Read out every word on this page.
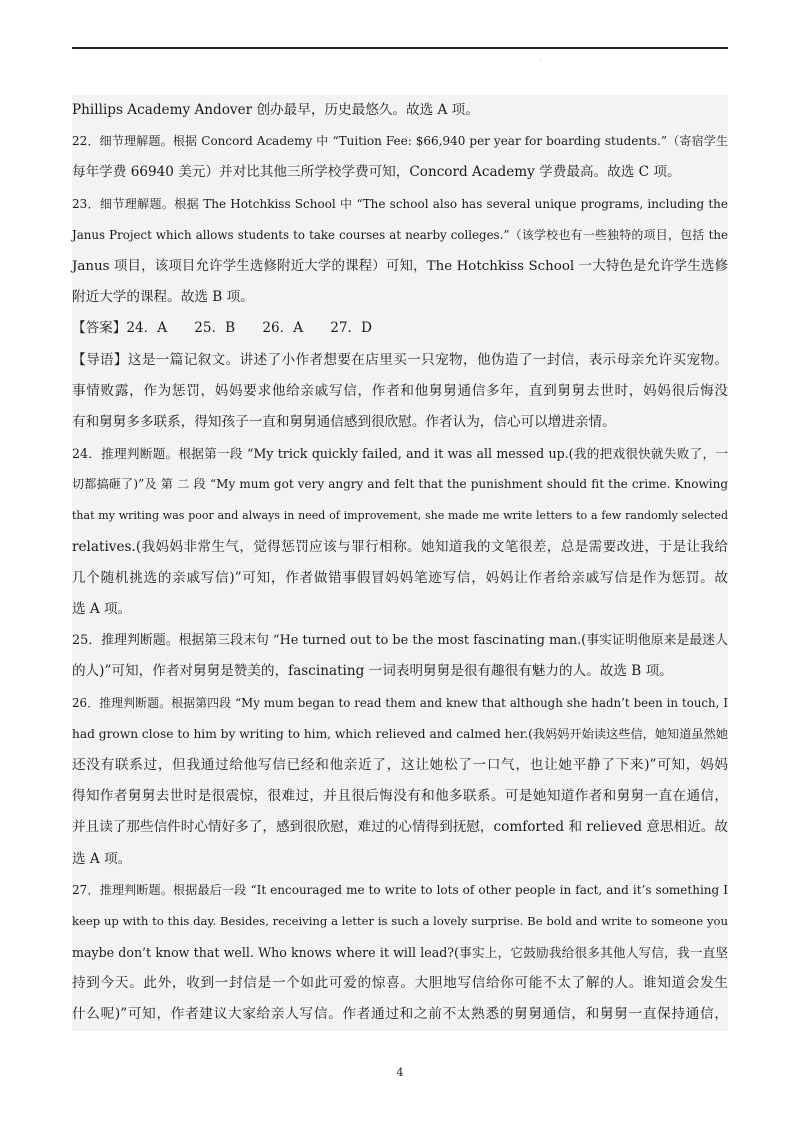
.
Phillips Academy Andover 创办最早，历史最悠久。故选 A 项。
22．细节理解题。根据 Concord Academy 中 “Tuition Fee: $66,940 per year for boarding students.”（寄宿学生
每年学费 66940 美元）并对比其他三所学校学费可知，Concord Academy 学费最高。故选 C 项。
23．细节理解题。根据 The Hotchkiss School 中 “The school also has several unique programs, including the
Janus Project which allows students to take courses at nearby colleges.”（该学校也有一些独特的项目，包括 the
Janus 项目，该项目允许学生选修附近大学的课程）可知，The Hotchkiss School 一大特色是允许学生选修
附近大学的课程。故选 B 项。
【答案】24．A　　25．B　　26．A　　27．D
【导语】这是一篇记叙文。讲述了小作者想要在店里买一只宠物，他伪造了一封信，表示母亲允许买宠物。
事情败露，作为惩罚，妈妈要求他给亲戚写信，作者和他舅舅通信多年，直到舅舅去世时，妈妈很后悔没
有和舅舅多多联系，得知孩子一直和舅舅通信感到很欣慰。作者认为，信心可以增进亲情。
24．推理判断题。根据第一段 “My trick quickly failed, and it was all messed up.(我的把戏很快就失败了，一
切都搞砸了)”及 第 二 段 “My mum got very angry and felt that the punishment should fit the crime. Knowing
that my writing was poor and always in need of improvement, she made me write letters to a few randomly selected
relatives.(我妈妈非常生气，觉得惩罚应该与罪行相称。她知道我的文笔很差，总是需要改进，于是让我给
几个随机挑选的亲戚写信)”可知，作者做错事假冒妈妈笔迹写信，妈妈让作者给亲戚写信是作为惩罚。故
选 A 项。
25．推理判断题。根据第三段末句 “He turned out to be the most fascinating man.(事实证明他原来是最迷人
的人)”可知，作者对舅舅是赞美的，fascinating 一词表明舅舅是很有趣很有魅力的人。故选 B 项。
26．推理判断题。根据第四段 “My mum began to read them and knew that although she hadn’t been in touch, I
had grown close to him by writing to him, which relieved and calmed her.(我妈妈开始读这些信，她知道虽然她
还没有联系过，但我通过给他写信已经和他亲近了，这让她松了一口气，也让她平静了下来)”可知，妈妈
得知作者舅舅去世时是很震惊，很难过，并且很后悔没有和他多联系。可是她知道作者和舅舅一直在通信，
并且读了那些信件时心情好多了，感到很欣慰，难过的心情得到抚慰，comforted 和 relieved 意思相近。故
选 A 项。
27．推理判断题。根据最后一段 “It encouraged me to write to lots of other people in fact, and it’s something I
keep up with to this day. Besides, receiving a letter is such a lovely surprise. Be bold and write to someone you
maybe don’t know that well. Who knows where it will lead?(事实上，它鼓励我给很多其他人写信，我一直坚
持到今天。此外，收到一封信是一个如此可爱的惊喜。大胆地写信给你可能不太了解的人。谁知道会发生
什么呢)”可知，作者建议大家给亲人写信。作者通过和之前不太熟悉的舅舅通信，和舅舅一直保持通信，
4
